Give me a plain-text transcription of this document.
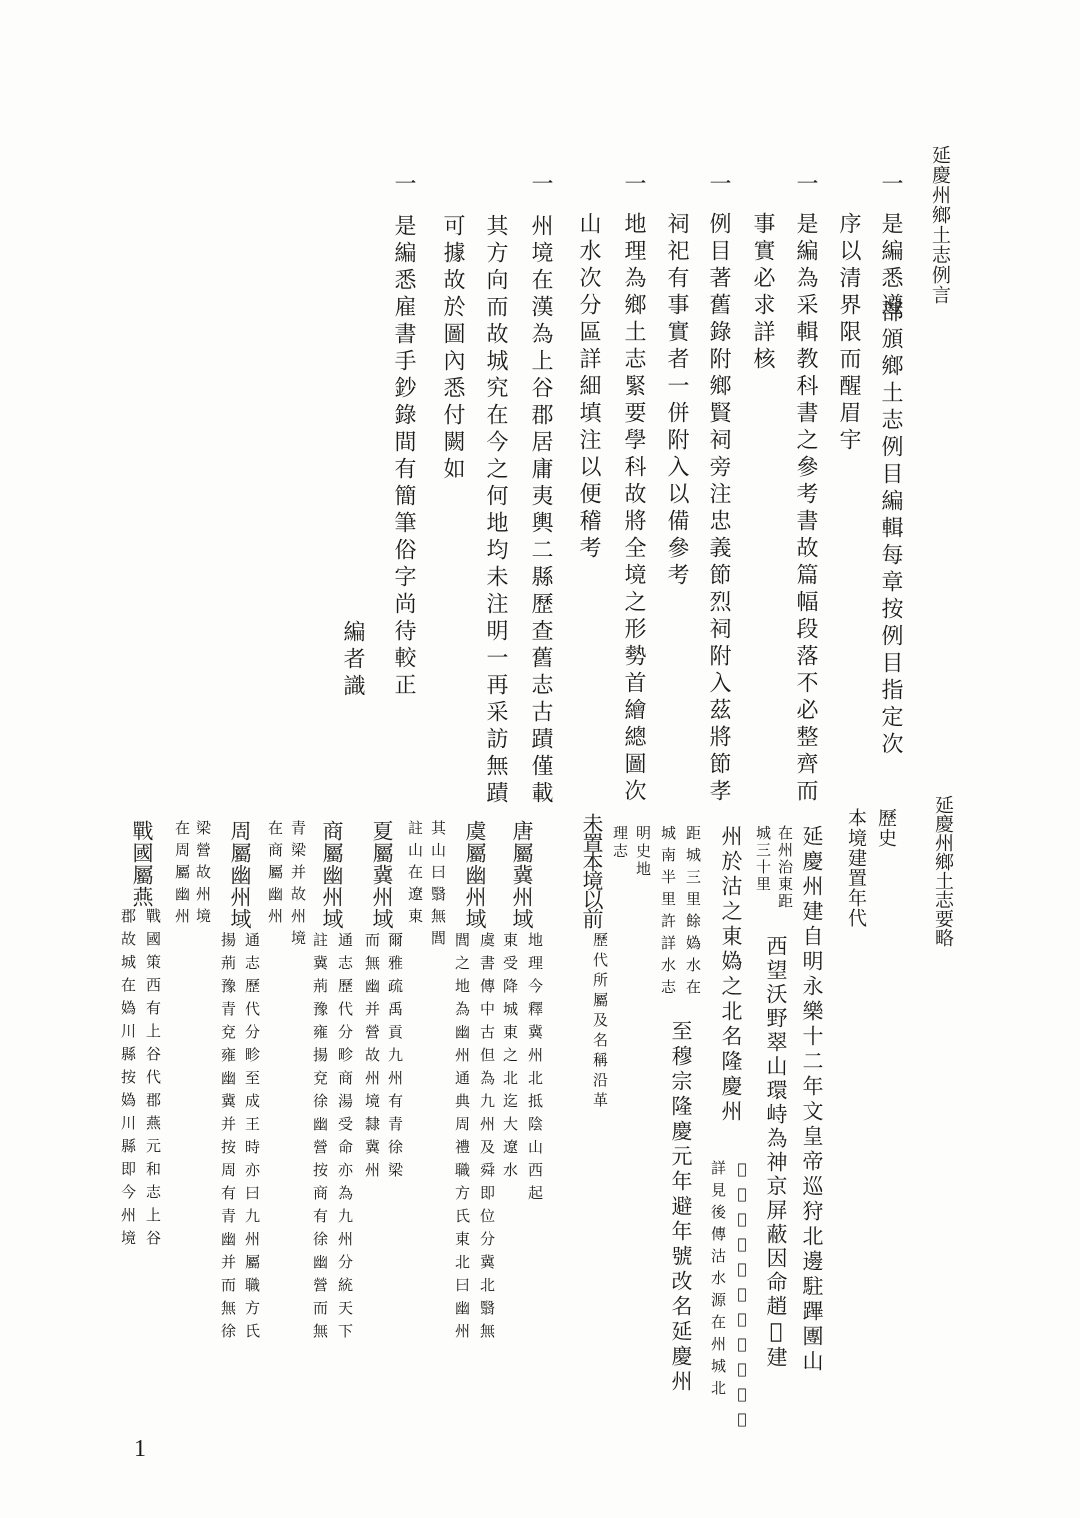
延慶州鄉土志例言
一
是編悉遵
部頒鄉土志例目編輯每章按例目指定次
序以清界限而醒眉宇
一
是編為采輯教科書之參考書故篇幅段落不必整齊而
事實必求詳核
一
例目著舊錄附鄉賢祠旁注忠義節烈祠附入茲將節孝
祠祀有事實者一併附入以備參考
一
地理為鄉土志緊要學科故將全境之形勢首繪總圖次
山水次分區詳細填注以便稽考
一
州境在漢為上谷郡居庸夷輿二縣歷查舊志古蹟僅載
其方向而故城究在今之何地均未注明一再采訪無蹟
可據故於圖內悉付闕如
一
是編悉雇書手鈔錄間有簡筆俗字尚待較正
編者識
延慶州鄉土志要略
歷史
本境建置年代
延慶州建自明永樂十二年文皇帝巡狩北邊駐蹕團山
在州治東距
城三十里
西望沃野翠山環峙為神京屏蔽因命趙𨕖建
州於沽之東媯之北名隆慶州
𨕖為禮部尚書洪武中進士
詳見後傳沽水源在州城北
距城三里餘媯水在
城南半里許詳水志
至穆宗隆慶元年避年號改名延慶州
明史地
理志
未置本境以前
歷代所屬及名稱沿革
唐屬冀州域
地理今釋冀州北抵陰山西起
東受降城東之北迄大遼水
虞屬幽州域
虞書傳中古但為九州及舜即位分冀北翳無
閭之地為幽州通典周禮職方氏東北曰幽州
其山曰翳無閭
註山在遼東
夏屬冀州域
爾雅疏禹貢九州有青徐梁
而無幽并營故州境隸冀州
商屬幽州域
通志歷代分畛商湯受命亦為九州分統天下
註冀荊豫雍揚兗徐幽營按商有徐幽營而無
青梁并故州境
在商屬幽州
周屬幽州域
通志歷代分畛至成王時亦曰九州屬職方氏
揚荊豫青兗雍幽冀并按周有青幽并而無徐
梁營故州境
在周屬幽州
戰國屬燕
戰國策西有上谷代郡燕元和志上谷
郡故城在媯川縣按媯川縣即今州境
1
